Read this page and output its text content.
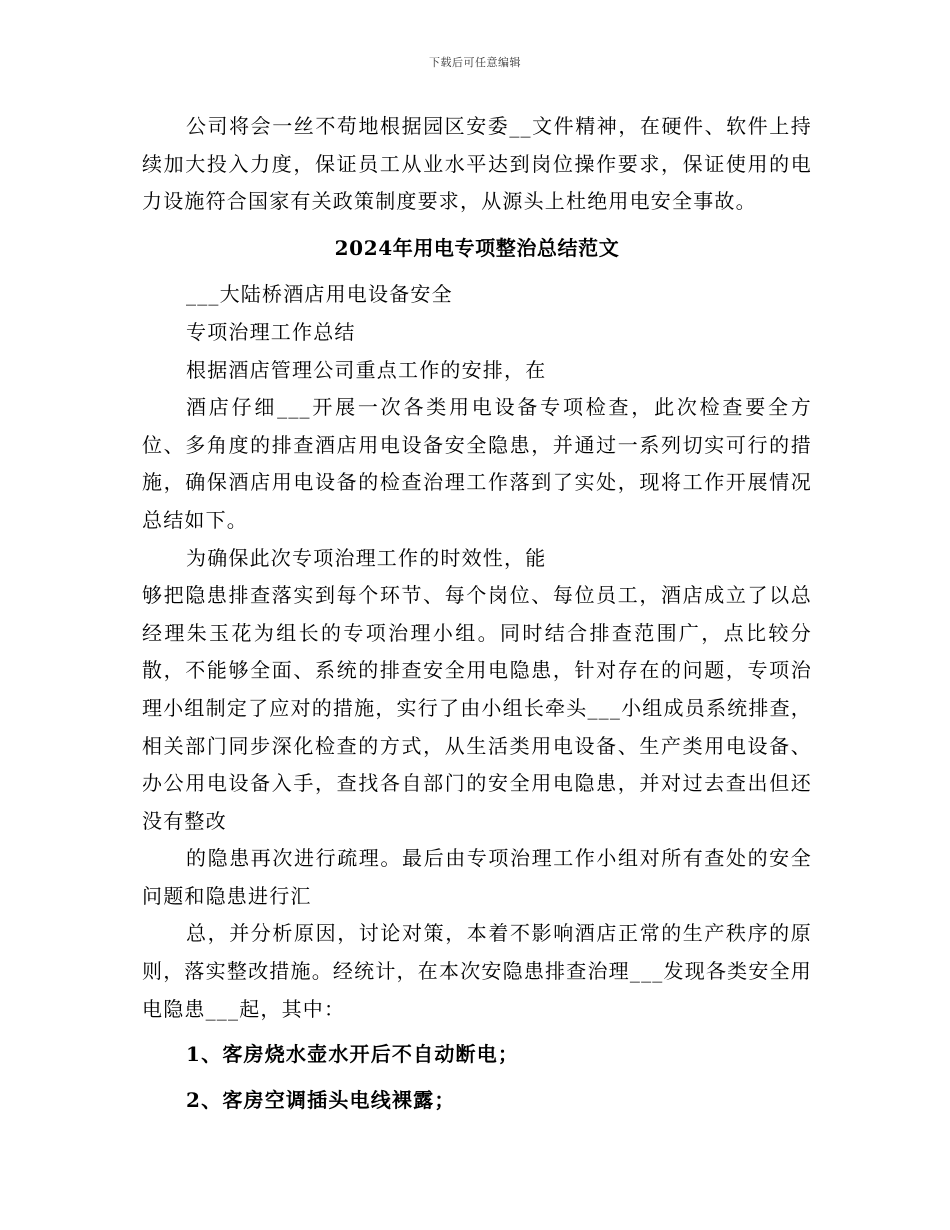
下载后可任意编辑

公司将会一丝不苟地根据园区安委__文件精神，在硬件、软件上持续加大投入力度，保证员工从业水平达到岗位操作要求，保证使用的电力设施符合国家有关政策制度要求，从源头上杜绝用电安全事故。

2024年用电专项整治总结范文

___大陆桥酒店用电设备安全

专项治理工作总结

根据酒店管理公司重点工作的安排，在

酒店仔细___开展一次各类用电设备专项检查，此次检查要全方位、多角度的排查酒店用电设备安全隐患，并通过一系列切实可行的措施，确保酒店用电设备的检查治理工作落到了实处，现将工作开展情况总结如下。

为确保此次专项治理工作的时效性，能

够把隐患排查落实到每个环节、每个岗位、每位员工，酒店成立了以总经理朱玉花为组长的专项治理小组。同时结合排查范围广，点比较分散，不能够全面、系统的排查安全用电隐患，针对存在的问题，专项治理小组制定了应对的措施，实行了由小组长牵头___小组成员系统排查，相关部门同步深化检查的方式，从生活类用电设备、生产类用电设备、办公用电设备入手，查找各自部门的安全用电隐患，并对过去查出但还没有整改

的隐患再次进行疏理。最后由专项治理工作小组对所有查处的安全问题和隐患进行汇

总，并分析原因，讨论对策，本着不影响酒店正常的生产秩序的原则，落实整改措施。经统计，在本次安隐患排查治理___发现各类安全用电隐患___起，其中：

1、客房烧水壶水开后不自动断电；

2、客房空调插头电线裸露；
